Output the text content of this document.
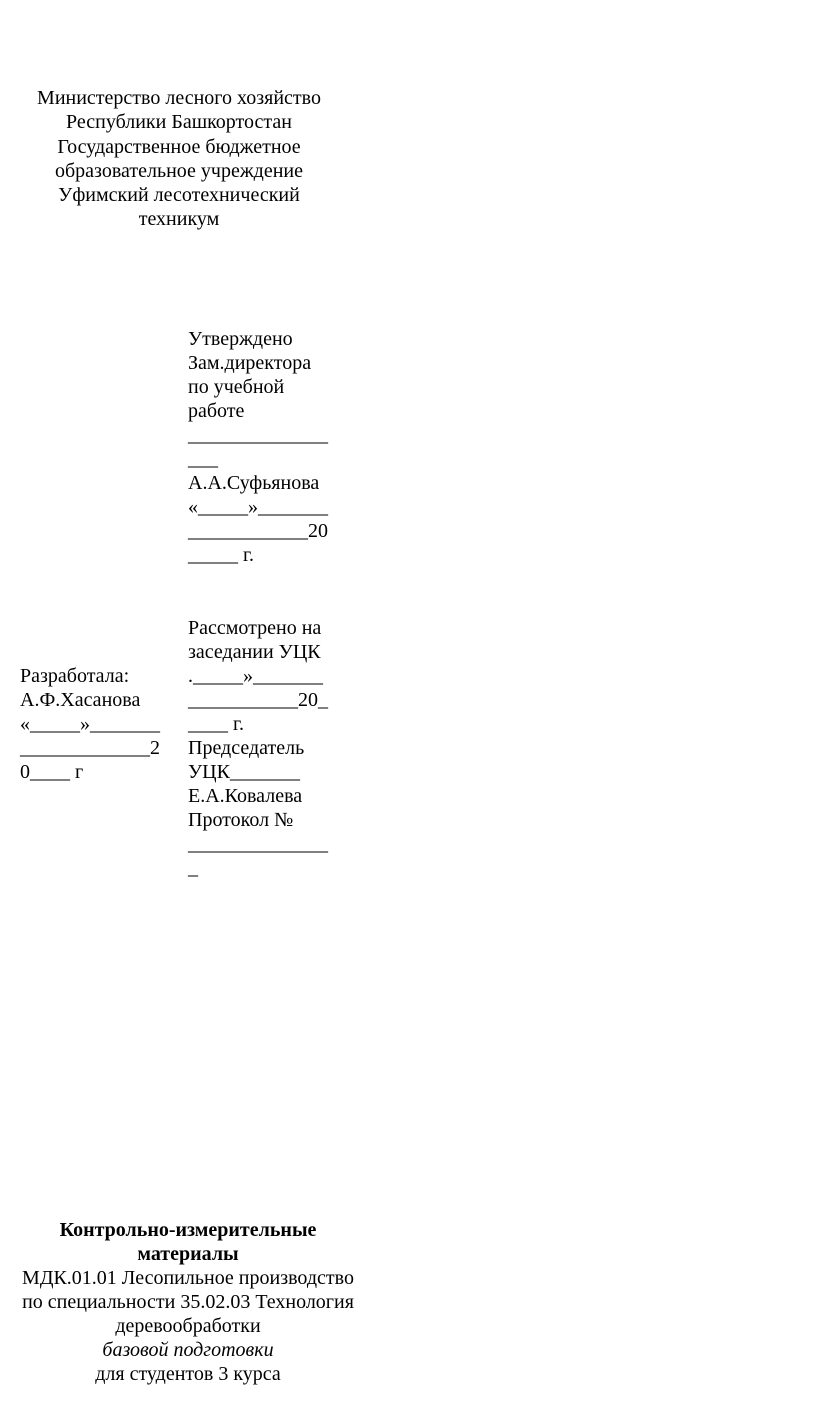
Министерство лесного хозяйство
Республики Башкортостан
Государственное бюджетное
образовательное учреждение
Уфимский лесотехнический
техникум
Утверждено
Зам.директора
по учебной
работе
______________
___
А.А.Суфьянова
«_____»_______
____________20
_____ г.
Рассмотрено на
заседании УЦК
._____»_______
___________20_
____ г.
Председатель
УЦК_______
Е.А.Ковалева
Протокол №
______________
_
Разработала:
А.Ф.Хасанова
«_____»_______
_____________2
0____ г
Контрольно-измерительные
материалы
МДК.01.01 Лесопильное производство
по специальности 35.02.03 Технология
деревообработки
базовой подготовки
для студентов 3 курса
